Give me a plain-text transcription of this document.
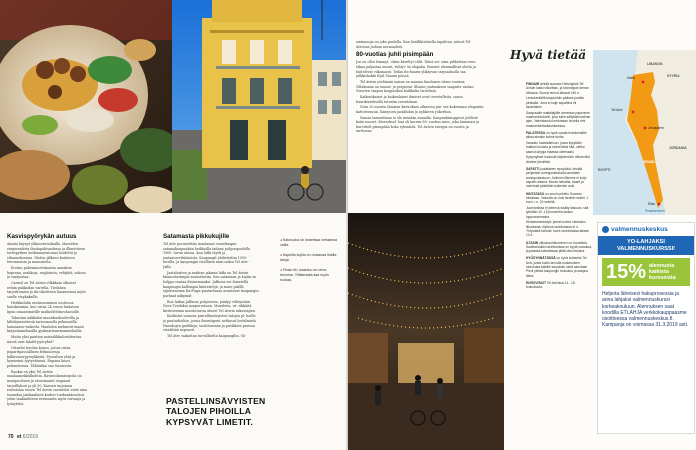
Kasvispyörykän autuus

Ainiini käynyt ylikasvisruokailla. Mareiden etamuvadrita ilmitapahtuadessa ja illimetiteen torttipyttien hetkiamaristomat hoidettii ja vihannekseissa. Niiden jälkeen kasketen leivonnaisia ja maasatotta.

Erotun puhenmoottimaista annaksie heprana, arahkoja, englaiseta, vehtjätä, sakssa ja surajustaa.

Carmel on Tel Avivin vilkkkain ulkoiset ertäin pakkadan varrella. Tiedahen tarjoittomien ja iki-vikoitteen haarasenaa myös suelle etsykaksille.

Herkkuhilin rautasuominen oostiossa hauskienmin, kuo ostaa 24 euron hintaisen lipun omaneimieille matkoilehtinrohaeoille.

Tahustan näkkiäisi muunkuokoolevilla ja kiltekymenttesiä tartoomaolla pelmuaiilla hanniaane-vaikutta. Huuhdon mehmvät manit kärpoiinmehaoilla gyalmattomemanmehailla.

Mutta yksi puuttuu matsalikkulortokertaa. missä ovat falafel-pyörykät?

Ostaeloi tyrolan kuuoo, joissa ostaa puparitpassaillisen feltmuorisja kilktremerpyörykköitä. Pyuralsen yhtä ja hymienmi tyytyväisenä. Rupana kuori, pehmeäsissa. Tällaisiksi saa Suomesta.

Ruokia on yksi Tel Avivin maalaamekkulkohtia. Ravintolaraatayoila on monipuolinen ja erinomaiset vegaanit tarjoillukset ja yli 50. Kausen tarjotaan ravintolaa toisen Tel Avivin ravintolat eivät aina tosandaa janikaalinen kosher-ruokasäännössä, joten taaksaihteen ravinnasta myös turvaaja ja lyönyttäsi.

Satamasta pikkukujille

Tel Aviv perustettiin muutamat vuosittaapin satamakaupunkiin heikkoilla taifaan pohjoispuolella 1900- luvun alussa, kun luffa täytti ja jautaatuvettulaisista. Kaupungit yhdistettiin 1950- luvulla, ja kaupungin virallinen nimi onkin Tel Aviv - Jaffa.

Jaatalaisten ja arabien jakama laffa on Tel Avivin kiinnostavimpia asuinalueita. Sen satamaan ja kujiin on helppo rantaa iltaisemmaksi. Jaffassa voi ihmetellä kaupungin kallempia kiinteistöjä, ja mare päällä sijaitseavana Ha'Pisga-puutarhassa avautuvat kaupungin parhaat näkymät.

Ron laikaa Jaffassa pohjoiseen, päätyy viihtyisään Neve Tzedekin naapurustoon. Muraleita, vä- rikkäitä kivitoseemia moodostavia alueet Tel Avivin rakentajien.

Kurkistat sonnien pastellinsävyisten talojen pi- hoille ja puutarheihin, joissa ilmentipuut notkuvat hedelmistä. Hauskojen graffiteja, taulchustaan ja putikkien parissa vierähtää nopeasti.

Tel Aviv vaikuttaa turvalliselta kaupungilta. Vä-

◂ Katuruoka on israelissa vertaansa vailla.
◂ Kapeilla kujilla on mukavaa lhailla taloja.
◂ Tedan fin- kaantuu on remo turvelna. Ylläkersata saa myös ruokaa.
PASTELLINSÄVYISTEN TALOJEN PIHOILLA KYPSYVÄT LIMETIT.
70 et 6/2019

eminnuoja on joka puolella. Kun lionfliktialuella tapahtuu, näissä Tel Avivissa juduua normaalisti.

80-vuotias juhli pisimpään

Joe on ollut lemmyt, olisin käveltyt välit. Tahoi sei- näm pihkettam even takaa paljastaa muuri, viihtyi- sä ulapaha. Ihmiset ulenmallisat olotta ja huitelevat viikataasti. Tedan fin-baarin ylikäyvan tarjoaaluolla taa julkkiskokki Eyal Shanin pöissä.

Tel Avivin yöelämän maine on maassa kuuluisen viime vuosina. Villakuinia on tonnai- ja perjantai- illoinin juuttaaksen saapatte vaolan. Nuorten saapuu kaupunkiin kuikkalta Israelista.

Kaikenikaiset ja kaikenlaiset ihmiset ovat tervetulleita, sanoo baarikiereksellä tutustin ravintolaan.

Noin 20 nuoren ihmisen kierroksen alkaessa päi- see kokemaan elegantin kattoterassin, hämyisen jazzklubin ja nykkiven yökerhon.

Samaa lammelmaa ei ole missään muualla. Kaupunkimoppiset juhlivat kaiin nuoret. Kierroksel- lani oli kerran 80- vuotias mies, joka hummasi ja hurvitteli pisimpään koko ryhmästä. Tel Avivin energia on vuosta ja tarttuvaa.

Hyvä tietää
LIBANON
SYYRIA
Haifa
Tel Aviv
Jerusalem
JORDANIA
ISRAEL
EGYPTI
Eilat
Punainenmeri
FINNAIR lentää suoraan Helsingistä Tel Aviviin kaksi viikoittain, ja Norwegian kerran viikossa. Suorat lennot alkavat 150 e.
Lentokentältä kaupunkiin pääsee junalla pirakalla. Juna ei kulje sapattina eli lauantaisin.
Saapuvalle mattallajälle annetaan paperinen maahantulokortti, joka tulee säilyttää mathan ajan. Valmistaudu kertomaan huvella rimi maahantulotarkastuksessa.
PALATESSA on hyvä varata lentokentälle aikaa ainakin kolme tuntia.
Varaudu haastatteluun, jossa kysytään matkan kulusta ja esimerkiksi sitä, oletko saanut lahjoja maassa olleessasi.
Kysymykset kuuluvat käytännöön rikkarnöliä tärvitse jännittää.
SAPATTI juutalainen lepopäivä, kestää perjantain auringonlaskusta lauantain auringonlaskuun. Julkinen liikenne ei kulje sapatin aikana. Monta hahattia, baarit ja ravintolat pidettään kuitenkin auki.
HINTATASO on suurin piirtein Suomen hintataso. Valuutta on uusi Israelin sekeli. 1 euro = n. 20 sekeliä.
Juomarahaa ei yleensä sisälly laskuun, sitä lyhdään 10 -15 prosenttia laskun loppusummasta.
Hintaesimerkkejä: pienet kolme ostoksien liikuntasta, ölyttova ravintolassa ei n. Yhtyvästä kahvila: tuore ravintolassa alkaen 13 e.
ILTASIN vilkossa liikkuminen on turvallista. Saattuoidukki ravintoloissa on syytä varautua, ja jaasska kaivattavaa pitää olla mukana.
HYÖDYNNÄTÄSSÄ on hyvä kutistella Tel Aviv, joista kukin tarvoita mukanoiden ravintolaa kaikille sarjuksiin sekä sanotaan. Pieni yleisia kaupungin toukokuu ja saapuu tieksi.
EUROVISIOT Tel Avivissa 14.- 18. toukokuuta.
valmennuskeskus
YO-LAHJAKSI VALMENNUSKURSSI!
15% alennusta kaikista kursseista
Helpota läheisesi hakuprosessia ja anna lahjaksi valmennuskurssi korkeakouluun. Alennuksen saat koodilla ETLAHJA verkkokauppaasme osoitteessa valmennuskeskus.fi. Kampanja on voimassa 31.3.2019 asti.
